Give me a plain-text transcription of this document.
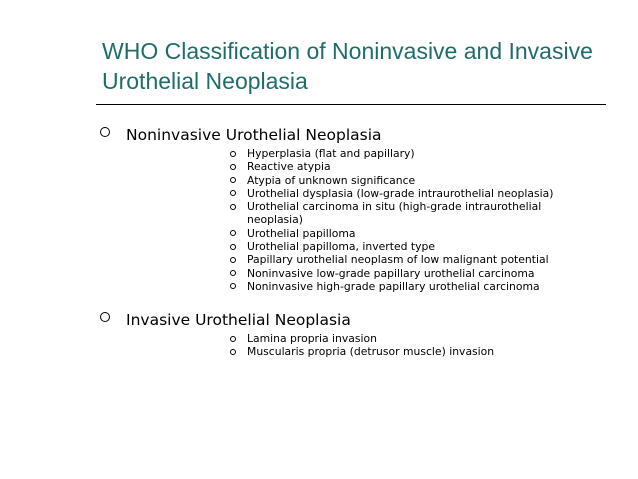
WHO Classification of Noninvasive and Invasive Urothelial Neoplasia
Noninvasive Urothelial Neoplasia
Hyperplasia (flat and papillary)
Reactive atypia
Atypia of unknown significance
Urothelial dysplasia (low-grade intraurothelial neoplasia)
Urothelial carcinoma in situ (high-grade intraurothelial neoplasia)
Urothelial papilloma
Urothelial papilloma, inverted type
Papillary urothelial neoplasm of low malignant potential
Noninvasive low-grade papillary urothelial carcinoma
Noninvasive high-grade papillary urothelial carcinoma
Invasive Urothelial Neoplasia
Lamina propria invasion
Muscularis propria (detrusor muscle) invasion
